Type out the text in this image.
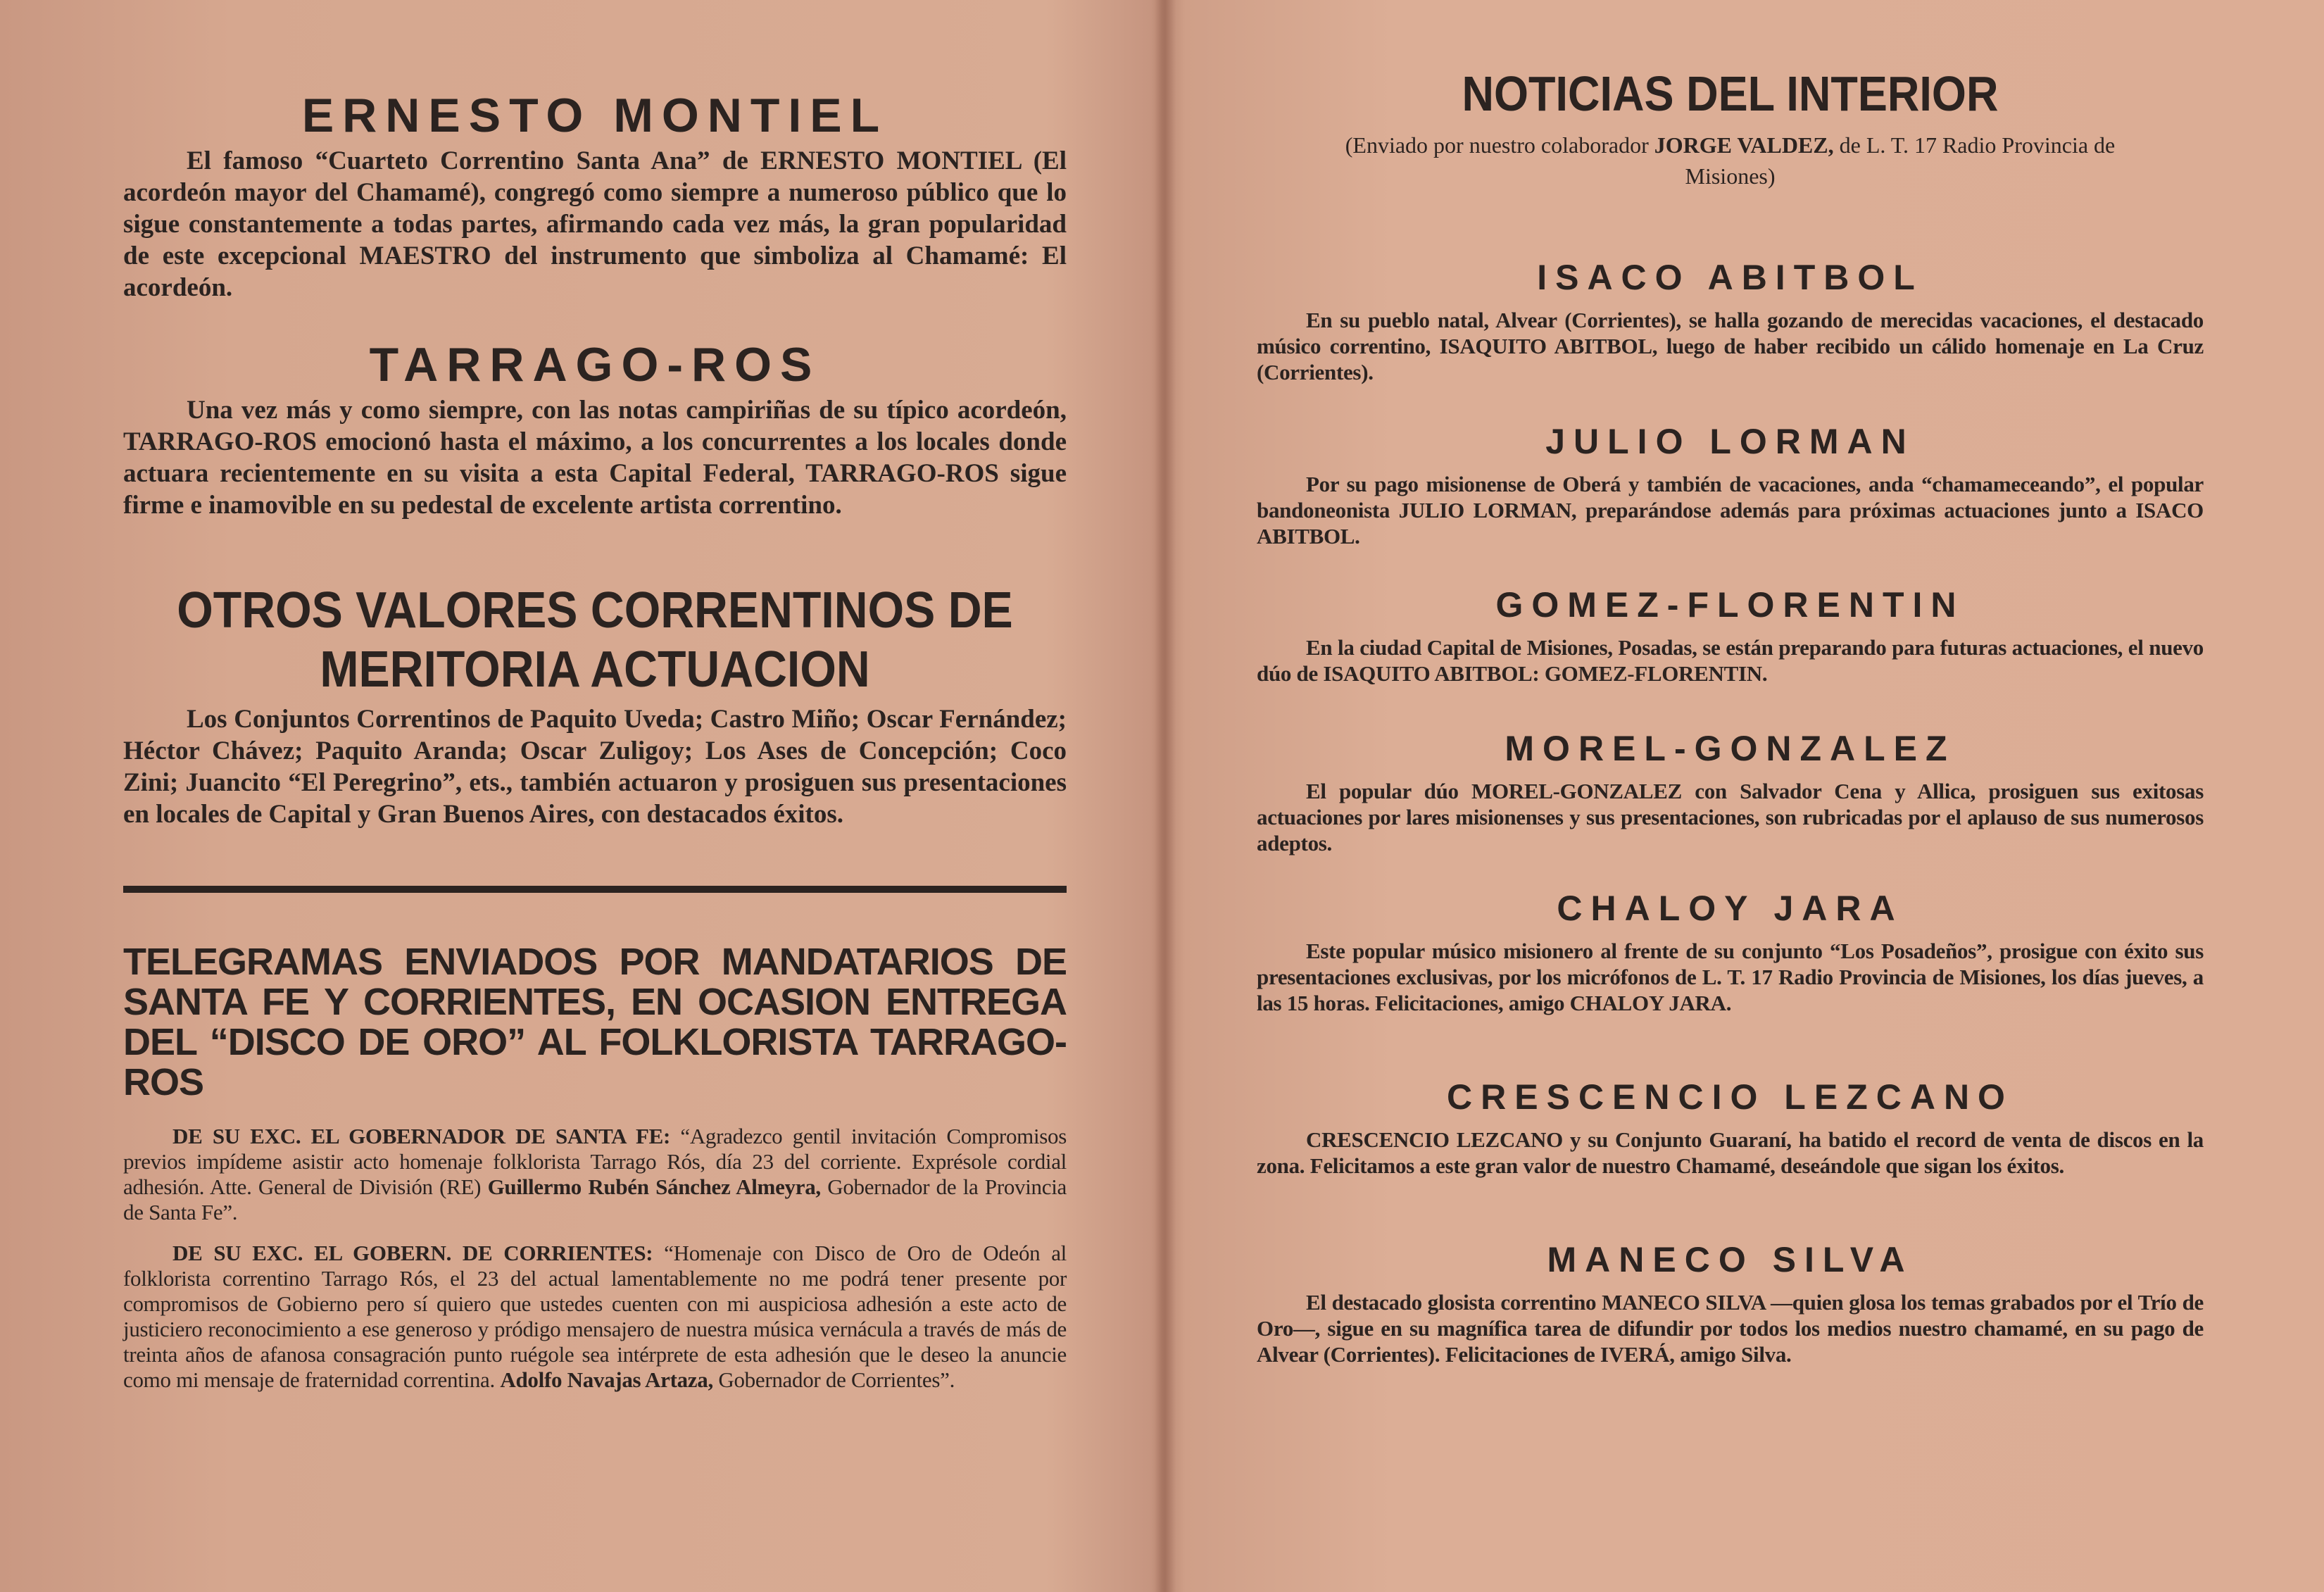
ERNESTO MONTIEL

El famoso “Cuarteto Correntino Santa Ana” de ERNESTO MONTIEL (El acordeón mayor del Chamamé), congregó como siempre a numeroso público que lo sigue constantemente a todas partes, afirmando cada vez más, la gran popularidad de este excepcional MAESTRO del instrumento que simboliza al Chamamé: El acordeón.

TARRAGO-ROS

Una vez más y como siempre, con las notas campiriñas de su típico acordeón, TARRAGO-ROS emocionó hasta el máximo, a los concurrentes a los locales donde actuara recientemente en su visita a esta Capital Federal, TARRAGO-ROS sigue firme e inamovible en su pedestal de excelente artista correntino.

OTROS VALORES CORRENTINOS DE
MERITORIA ACTUACION

Los Conjuntos Correntinos de Paquito Uveda; Castro Miño; Oscar Fernández; Héctor Chávez; Paquito Aranda; Oscar Zuligoy; Los Ases de Concepción; Coco Zini; Juancito “El Peregrino”, ets., también actuaron y prosiguen sus presentaciones en locales de Capital y Gran Buenos Aires, con destacados éxitos.

TELEGRAMAS ENVIADOS POR MANDATARIOS DE

SANTA FE Y CORRIENTES, EN OCASION ENTREGA

DEL “DISCO DE ORO” AL FOLKLORISTA TARRAGO-ROS

DE SU EXC. EL GOBERNADOR DE SANTA FE: “Agradezco gentil invitación Compromisos previos impídeme asistir acto homenaje folklorista Tarrago Rós, día 23 del corriente. Exprésole cordial adhesión. Atte. General de División (RE) Guillermo Rubén Sánchez Almeyra, Gobernador de la Provincia de Santa Fe”.

DE SU EXC. EL GOBERN. DE CORRIENTES: “Homenaje con Disco de Oro de Odeón al folklorista correntino Tarrago Rós, el 23 del actual lamentablemente no me podrá tener presente por compromisos de Gobierno pero sí quiero que ustedes cuenten con mi auspiciosa adhesión a este acto de justiciero reconocimiento a ese generoso y pródigo mensajero de nuestra música vernácula a través de más de treinta años de afanosa consagración punto ruégole sea intérprete de esta adhesión que le deseo la anuncie como mi mensaje de fraternidad correntina. Adolfo Navajas Artaza, Gobernador de Corrientes”.

NOTICIAS DEL INTERIOR

(Enviado por nuestro colaborador JORGE VALDEZ, de L. T. 17 Radio Provincia de Misiones)

ISACO ABITBOL

En su pueblo natal, Alvear (Corrientes), se halla gozando de merecidas vacaciones, el destacado músico correntino, ISAQUITO ABITBOL, luego de haber recibido un cálido homenaje en La Cruz (Corrientes).

JULIO LORMAN

Por su pago misionense de Oberá y también de vacaciones, anda “chamameceando”, el popular bandoneonista JULIO LORMAN, preparándose además para próximas actuaciones junto a ISACO ABITBOL.

GOMEZ-FLORENTIN

En la ciudad Capital de Misiones, Posadas, se están preparando para futuras actuaciones, el nuevo dúo de ISAQUITO ABITBOL: GOMEZ-FLORENTIN.

MOREL-GONZALEZ

El popular dúo MOREL-GONZALEZ con Salvador Cena y Allica, prosiguen sus exitosas actuaciones por lares misionenses y sus presentaciones, son rubricadas por el aplauso de sus numerosos adeptos.

CHALOY JARA

Este popular músico misionero al frente de su conjunto “Los Posadeños”, prosigue con éxito sus presentaciones exclusivas, por los micrófonos de L. T. 17 Radio Provincia de Misiones, los días jueves, a las 15 horas. Felicitaciones, amigo CHALOY JARA.

CRESCENCIO LEZCANO

CRESCENCIO LEZCANO y su Conjunto Guaraní, ha batido el record de venta de discos en la zona. Felicitamos a este gran valor de nuestro Chamamé, deseándole que sigan los éxitos.

MANECO SILVA

El destacado glosista correntino MANECO SILVA —quien glosa los temas grabados por el Trío de Oro—, sigue en su magnífica tarea de difundir por todos los medios nuestro chamamé, en su pago de Alvear (Corrientes). Felicitaciones de IVERÁ, amigo Silva.
